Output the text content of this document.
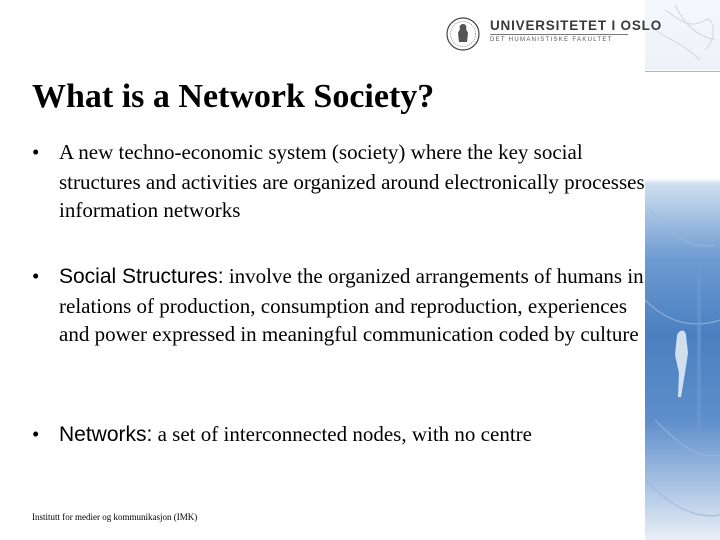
UNIVERSITETET I OSLO
DET HUMANISTISKE FAKULTET
What is a Network Society?
• A new techno-economic system (society) where the key social structures and activities are organized around electronically processes information networks
• Social Structures: involve the organized arrangements of humans in relations of production, consumption and reproduction, experiences and power expressed in meaningful communication coded by culture
• Networks: a set of interconnected nodes, with no centre
Institutt for medier og kommunikasjon (IMK)
